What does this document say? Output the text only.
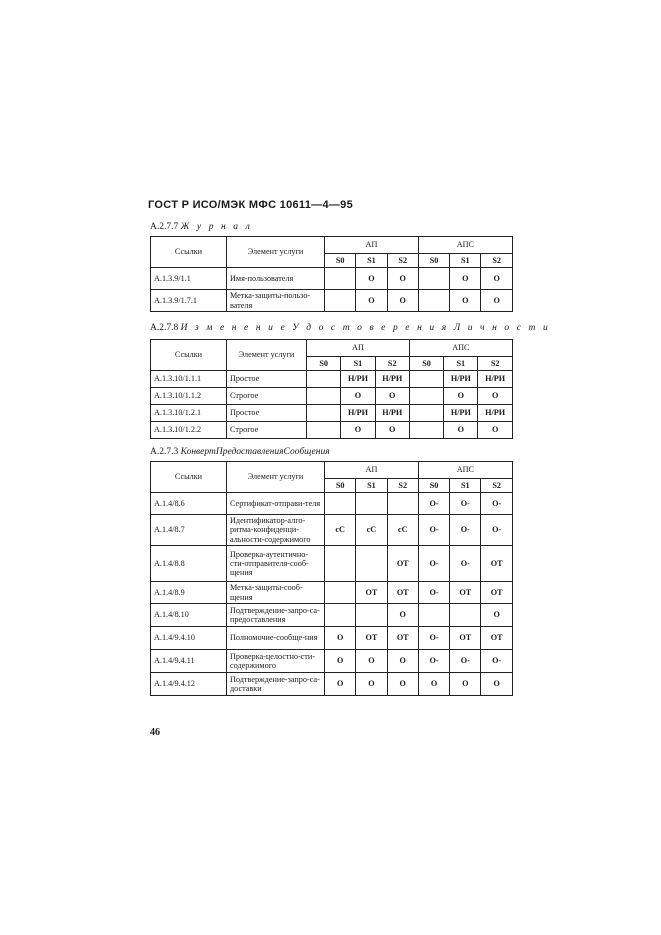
ГОСТ Р ИСО/МЭК МФС 10611—4—95
А.2.7.7 Ж у р н а л
Ссылки	Элемент услуги	АП			АПС		
		S0	S1	S2	S0	S1	S2
А.1.3.9/1.1	Имя-пользователя		О	О		О	О
А.1.3.9/1.7.1	Метка-защиты-пользо-вателя		О	О		О	О
А.2.7.8 И з м е н е н и е У д о с т о в е р е н и я Л и ч н о с т и
Ссылки	Элемент услуги	АП			АПС		
		S0	S1	S2	S0	S1	S2
А.1.3.10/1.1.1	Простое		Н/РИ	Н/РИ		Н/РИ	Н/РИ
А.1.3.10/1.1.2	Строгое		О	О		О	О
А.1.3.10/1.2.1	Простое		Н/РИ	Н/РИ		Н/РИ	Н/РИ
А.1.3.10/1.2.2	Строгое		О	О		О	О
А.2.7.3 КонвертПредоставленияСообщения
Ссылки	Элемент услуги	АП			АПС		
		S0	S1	S2	S0	S1	S2
А.1.4/8.6	Сертификат-отправи-теля				О-	О-	О-
А.1.4/8.7	Идентификатор-алго-ритма-конфиденци-альности-содержимого	сС	сС	сС	О-	О-	О-
А.1.4/8.8	Проверка-аутентично-сти-отправителя-сооб-щения			ОТ	О-	О-	ОТ
А.1.4/8.9	Метка-защиты-сооб-щения		ОТ	ОТ	О-	ОТ	ОТ
А.1.4/8.10	Подтверждение-запро-са-предоставления			О			О
А.1.4/9.4.10	Полномочие-сообще-ния	О	ОТ	ОТ	О-	ОТ	ОТ
А.1.4/9.4.11	Проверка-целостно-сти-содержимого	О	О	О	О-	О-	О-
А.1.4/9.4.12	Подтверждение-запро-са-доставки	О	О	О	О	О	О
46
